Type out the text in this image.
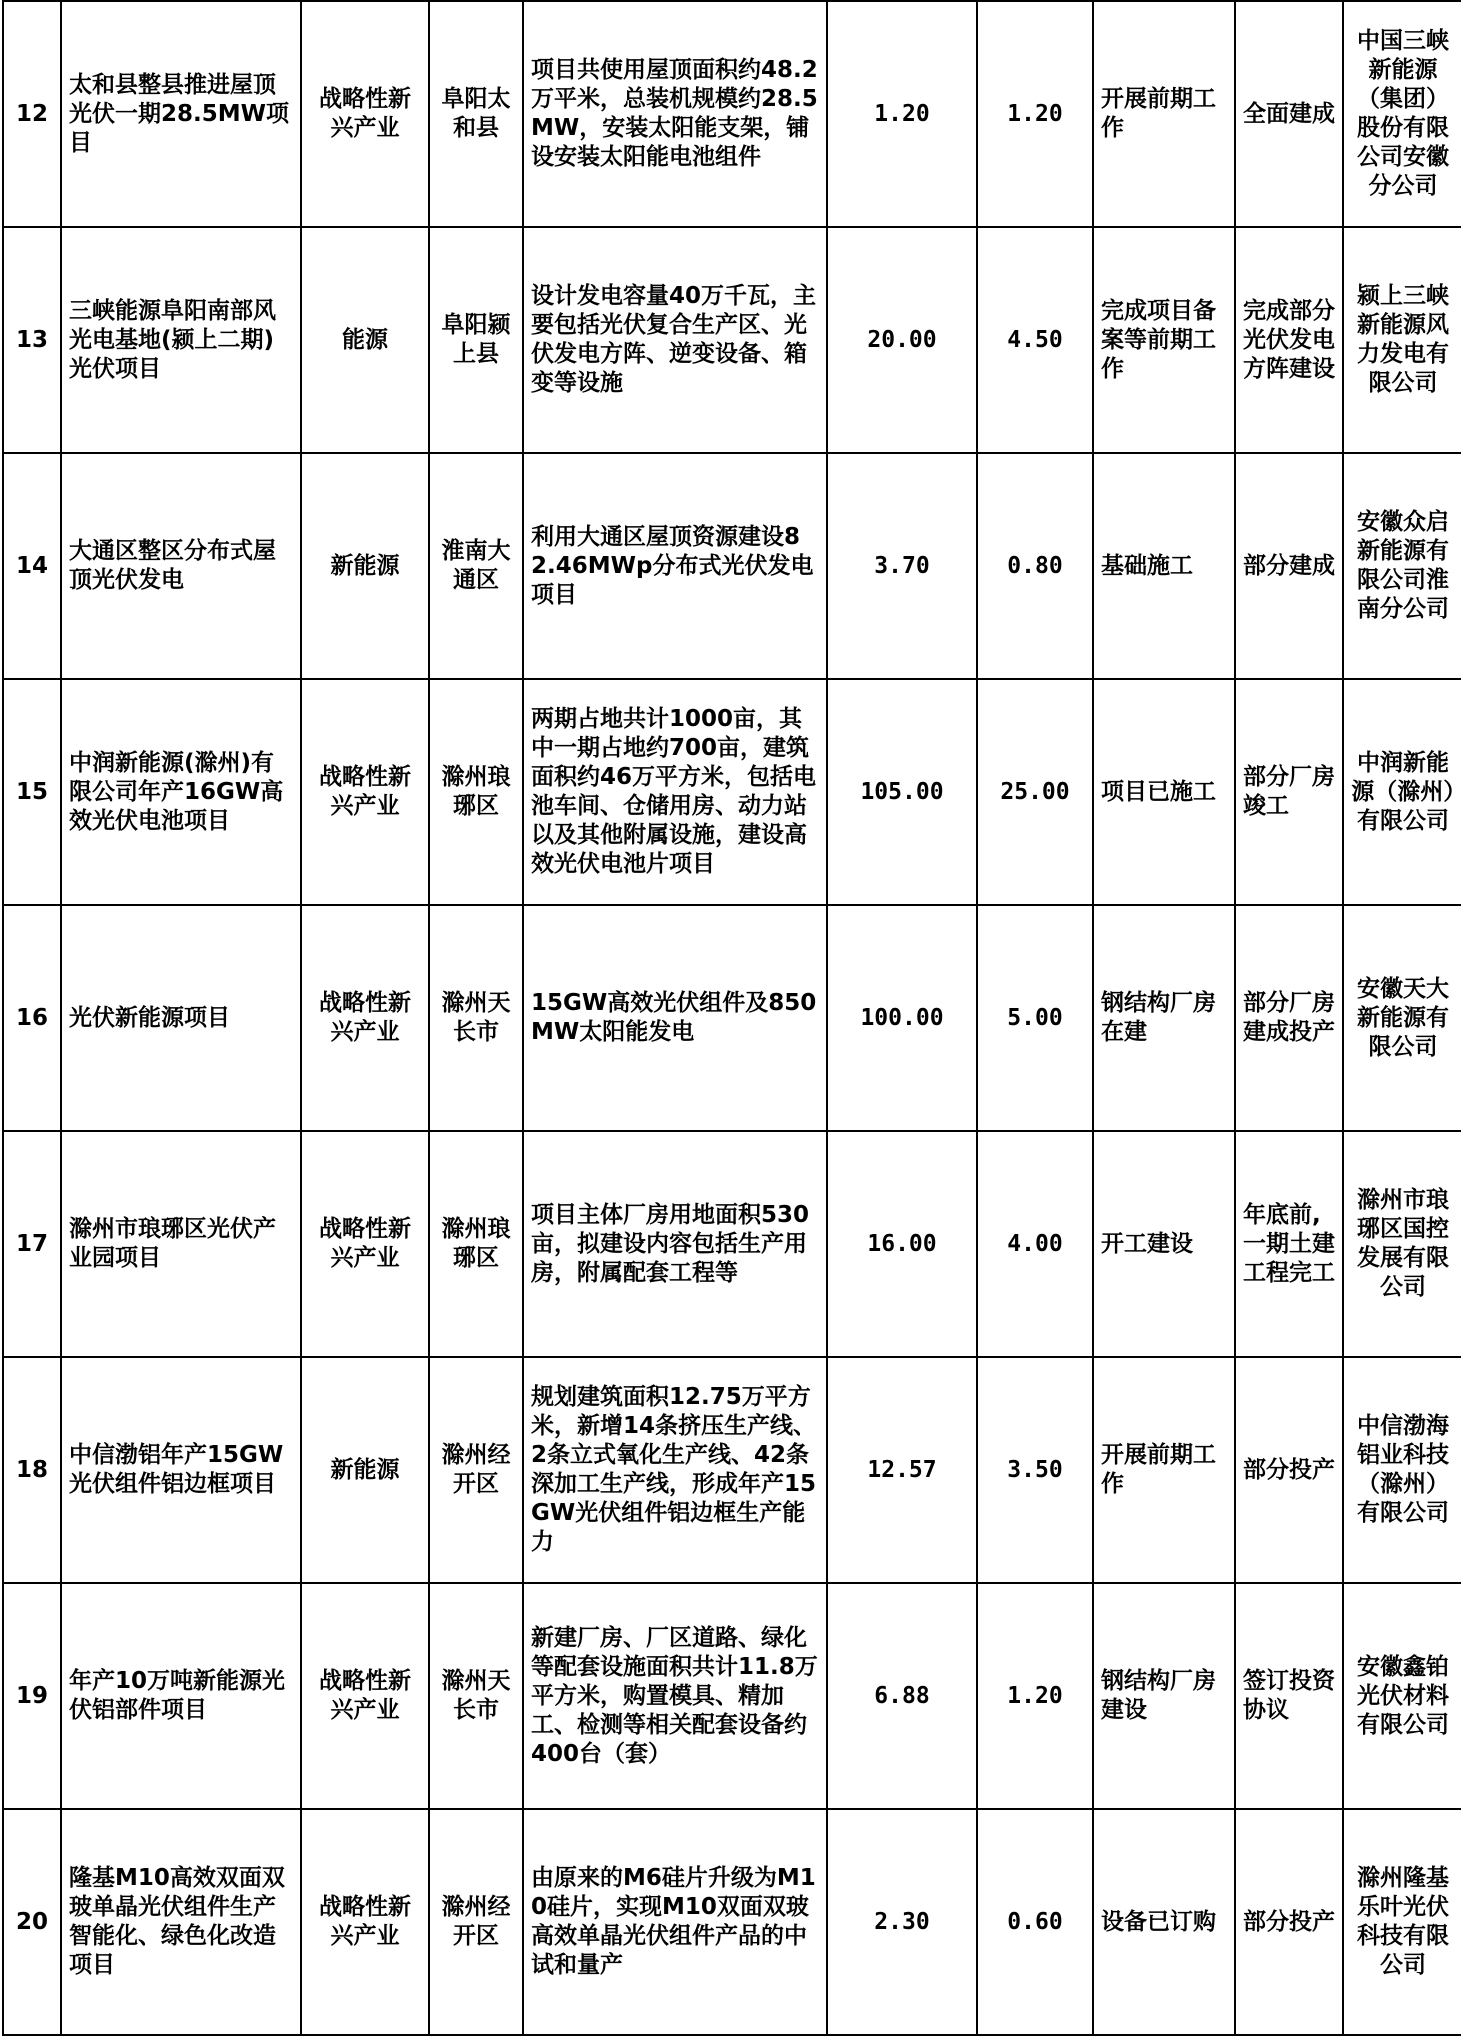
12	太和县整县推进屋顶光伏一期28.5MW项目	战略性新兴产业	阜阳太和县	项目共使用屋顶面积约48.2万平米，总装机规模约28.5MW，安装太阳能支架，铺设安装太阳能电池组件	1.20	1.20	开展前期工作	全面建成	中国三峡新能源（集团）股份有限公司安徽分公司
13	三峡能源阜阳南部风光电基地(颍上二期)光伏项目	能源	阜阳颍上县	设计发电容量40万千瓦，主要包括光伏复合生产区、光伏发电方阵、逆变设备、箱变等设施	20.00	4.50	完成项目备案等前期工作	完成部分光伏发电方阵建设	颍上三峡新能源风力发电有限公司
14	大通区整区分布式屋顶光伏发电	新能源	淮南大通区	利用大通区屋顶资源建设82.46MWp分布式光伏发电项目	3.70	0.80	基础施工	部分建成	安徽众启新能源有限公司淮南分公司
15	中润新能源(滁州)有限公司年产16GW高效光伏电池项目	战略性新兴产业	滁州琅琊区	两期占地共计1000亩，其中一期占地约700亩，建筑面积约46万平方米，包括电池车间、仓储用房、动力站以及其他附属设施，建设高效光伏电池片项目	105.00	25.00	项目已施工	部分厂房竣工	中润新能源（滁州）有限公司
16	光伏新能源项目	战略性新兴产业	滁州天长市	15GW高效光伏组件及850MW太阳能发电	100.00	5.00	钢结构厂房在建	部分厂房建成投产	安徽天大新能源有限公司
17	滁州市琅琊区光伏产业园项目	战略性新兴产业	滁州琅琊区	项目主体厂房用地面积530亩，拟建设内容包括生产用房，附属配套工程等	16.00	4.00	开工建设	年底前,一期土建工程完工	滁州市琅琊区国控发展有限公司
18	中信渤铝年产15GW光伏组件铝边框项目	新能源	滁州经开区	规划建筑面积12.75万平方米，新增14条挤压生产线、2条立式氧化生产线、42条深加工生产线，形成年产15GW光伏组件铝边框生产能力	12.57	3.50	开展前期工作	部分投产	中信渤海铝业科技（滁州）有限公司
19	年产10万吨新能源光伏铝部件项目	战略性新兴产业	滁州天长市	新建厂房、厂区道路、绿化等配套设施面积共计11.8万平方米，购置模具、精加工、检测等相关配套设备约400台（套）	6.88	1.20	钢结构厂房建设	签订投资协议	安徽鑫铂光伏材料有限公司
20	隆基M10高效双面双玻单晶光伏组件生产智能化、绿色化改造项目	战略性新兴产业	滁州经开区	由原来的M6硅片升级为M10硅片，实现M10双面双玻高效单晶光伏组件产品的中试和量产	2.30	0.60	设备已订购	部分投产	滁州隆基乐叶光伏科技有限公司
